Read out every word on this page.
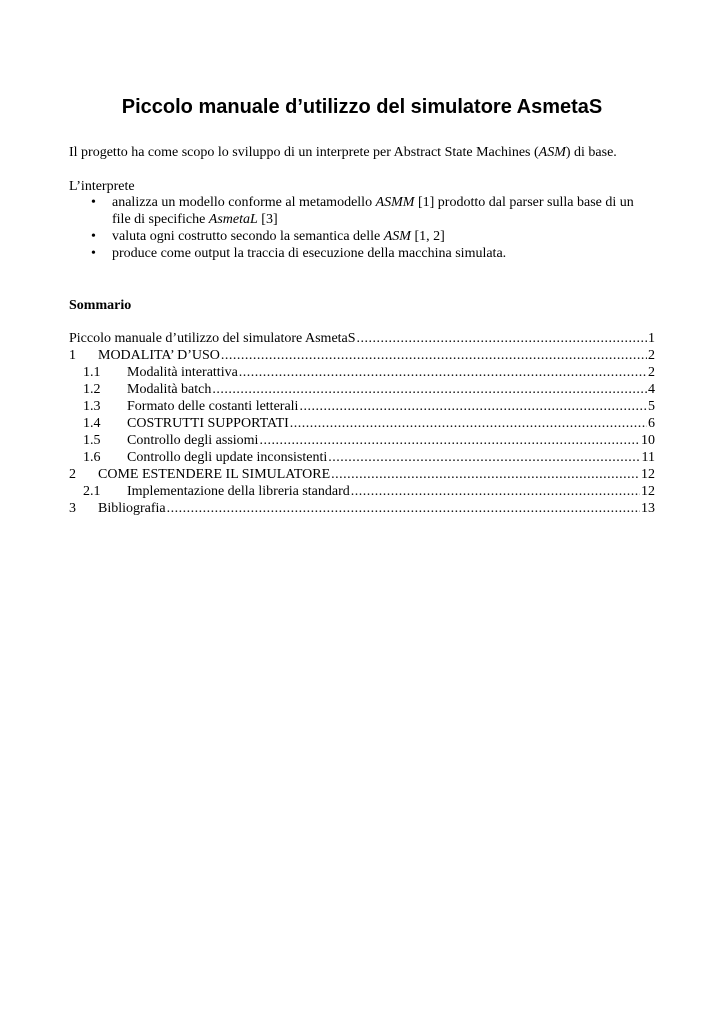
Piccolo manuale d’utilizzo del simulatore AsmetaS

Il progetto ha come scopo lo sviluppo di un interprete per Abstract State Machines (ASM) di base.

L’interprete

• analizza un modello conforme al metamodello ASMM [1] prodotto dal parser sulla base di un file di specifiche AsmetaL [3]
• valuta ogni costrutto secondo la semantica delle ASM [1, 2]
• produce come output la traccia di esecuzione della macchina simulata.

Sommario

Piccolo manuale d’utilizzo del simulatore AsmetaS .....	1
1	MODALITA’ D’USO .....	2
1.1	Modalità interattiva .....	2
1.2	Modalità batch .....	4
1.3	Formato delle costanti letterali .....	5
1.4	COSTRUTTI SUPPORTATI .....	6
1.5	Controllo degli assiomi .....	10
1.6	Controllo degli update inconsistenti .....	11
2	COME ESTENDERE IL SIMULATORE .....	12
2.1	Implementazione della libreria standard .....	12
3	Bibliografia .....	13
